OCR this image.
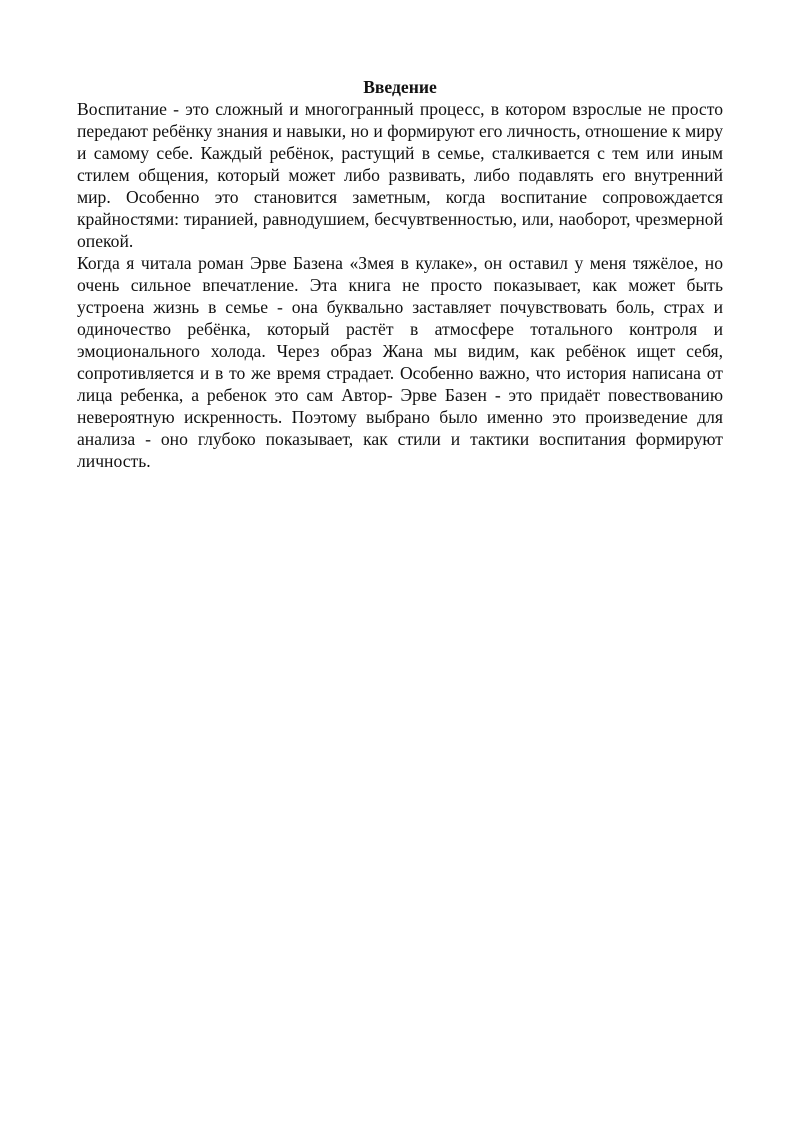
Введение

Воспитание - это сложный и многогранный процесс, в котором взрослые не просто передают ребёнку знания и навыки, но и формируют его личность, отношение к миру и самому себе. Каждый ребёнок, растущий в семье, сталкивается с тем или иным стилем общения, который может либо развивать, либо подавлять его внутренний мир. Особенно это становится заметным, когда воспитание сопровождается крайностями: тиранией, равнодушием, бесчувтвенностью, или, наоборот, чрезмерной опекой.

Когда я читала роман Эрве Базена «Змея в кулаке», он оставил у меня тяжёлое, но очень сильное впечатление. Эта книга не просто показывает, как может быть устроена жизнь в семье - она буквально заставляет почувствовать боль, страх и одиночество ребёнка, который растёт в атмосфере тотального контроля и эмоционального холода. Через образ Жана мы видим, как ребёнок ищет себя, сопротивляется и в то же время страдает. Особенно важно, что история написана от лица ребенка, а ребенок это сам Автор- Эрве Базен - это придаёт повествованию невероятную искренность. Поэтому выбрано было именно это произведение для анализа - оно глубоко показывает, как стили и тактики воспитания формируют личность.
